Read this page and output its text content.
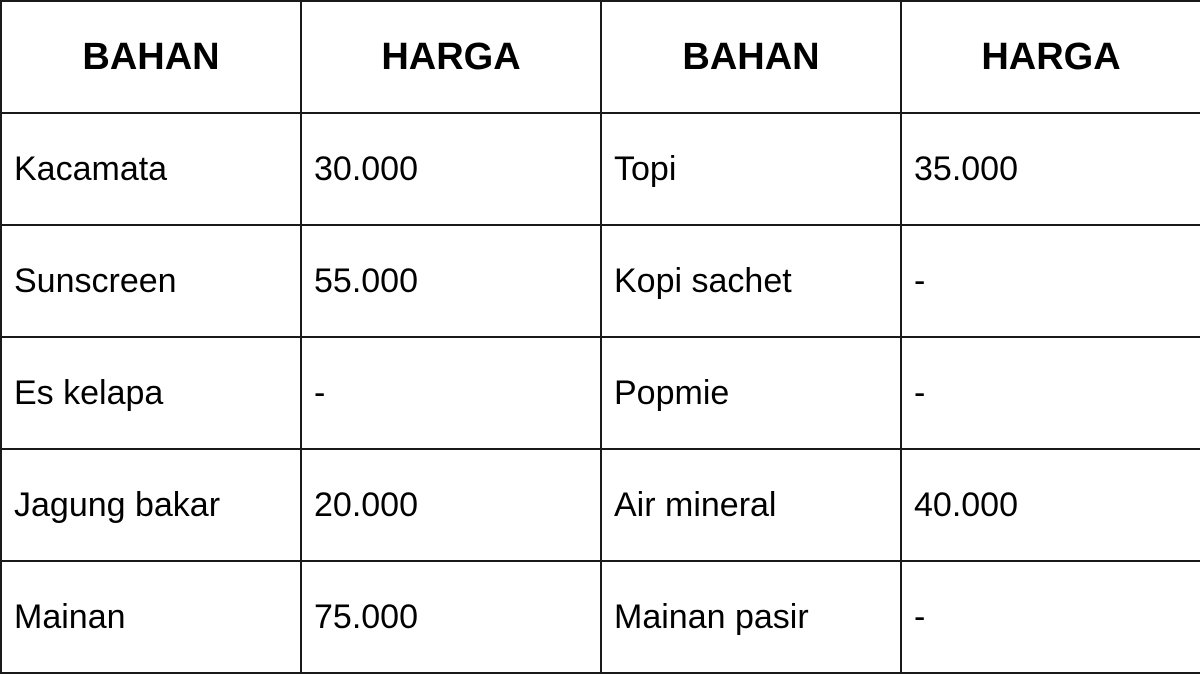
BAHAN	HARGA	BAHAN	HARGA
Kacamata	30.000	Topi	35.000
Sunscreen	55.000	Kopi sachet	-
Es kelapa	-	Popmie	-
Jagung bakar	20.000	Air mineral	40.000
Mainan	75.000	Mainan pasir	-
